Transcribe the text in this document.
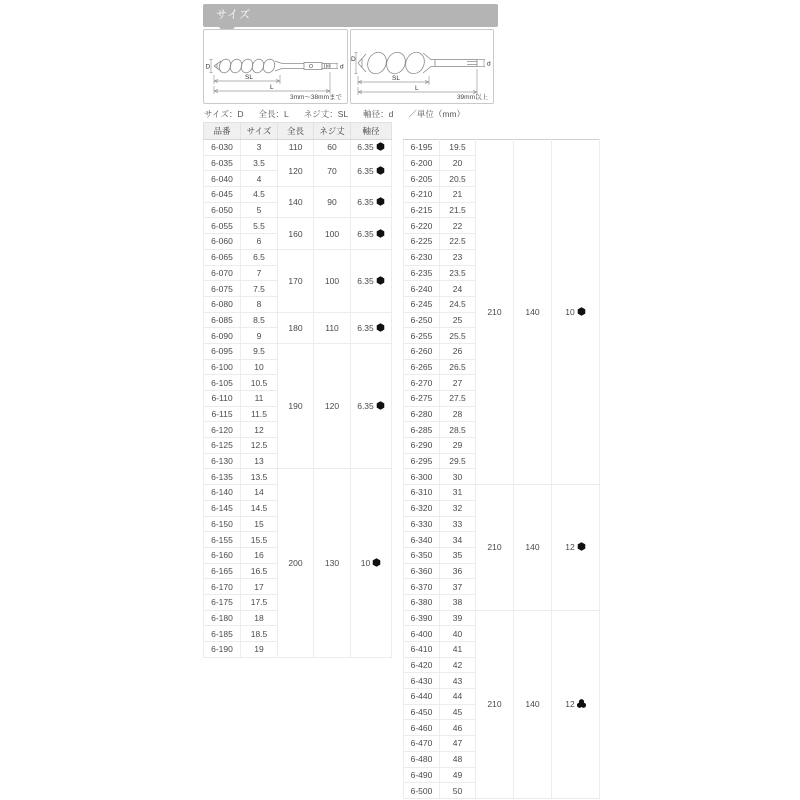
サイズ
D
SL
L
d
3mm～38mmまで
D
SL
L
d
39mm以上
サイズ：D 全長：L ネジ丈：SL 軸径：d ／単位（mm）
品番	サイズ	全長	ネジ丈	軸径
6-030	3	110	60	6.35
6-035	3.5	120	70	6.35
6-040	4			
6-045	4.5	140	90	6.35
6-050	5			
6-055	5.5	160	100	6.35
6-060	6			
6-065	6.5	170	100	6.35
6-070	7			
6-075	7.5			
6-080	8			
6-085	8.5	180	110	6.35
6-090	9			
6-095	9.5	190	120	6.35
6-100	10			
6-105	10.5			
6-110	11			
6-115	11.5			
6-120	12			
6-125	12.5			
6-130	13			
6-135	13.5	200	130	10
6-140	14			
6-145	14.5			
6-150	15			
6-155	15.5			
6-160	16			
6-165	16.5			
6-170	17			
6-175	17.5			
6-180	18			
6-185	18.5			
6-190	19			
6-195	19.5	210	140	10
6-200	20			
6-205	20.5			
6-210	21			
6-215	21.5			
6-220	22			
6-225	22.5			
6-230	23			
6-235	23.5			
6-240	24			
6-245	24.5			
6-250	25			
6-255	25.5			
6-260	26			
6-265	26.5			
6-270	27			
6-275	27.5			
6-280	28			
6-285	28.5			
6-290	29			
6-295	29.5			
6-300	30			
6-310	31	210	140	12
6-320	32			
6-330	33			
6-340	34			
6-350	35			
6-360	36			
6-370	37			
6-380	38			
6-390	39	210	140	12
6-400	40			
6-410	41			
6-420	42			
6-430	43			
6-440	44			
6-450	45			
6-460	46			
6-470	47			
6-480	48			
6-490	49			
6-500	50			
